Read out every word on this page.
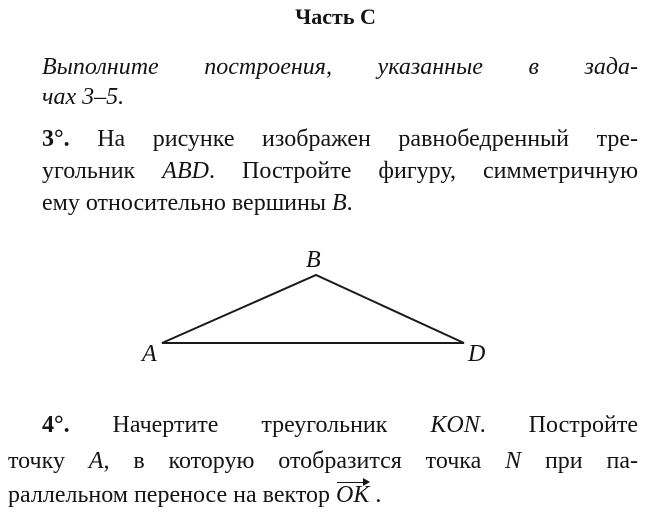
Часть С
Выполните построения, указанные в зада-
чах 3–5.
3°. На рисунке изображен равнобедренный тре-
угольник ABD. Постройте фигуру, симметричную
ему относительно вершины B.
A
B
D
4°. Начертите треугольник KON. Постройте
точку A, в которую отобразится точка N при па-
раллельном переносе на вектор OK .
